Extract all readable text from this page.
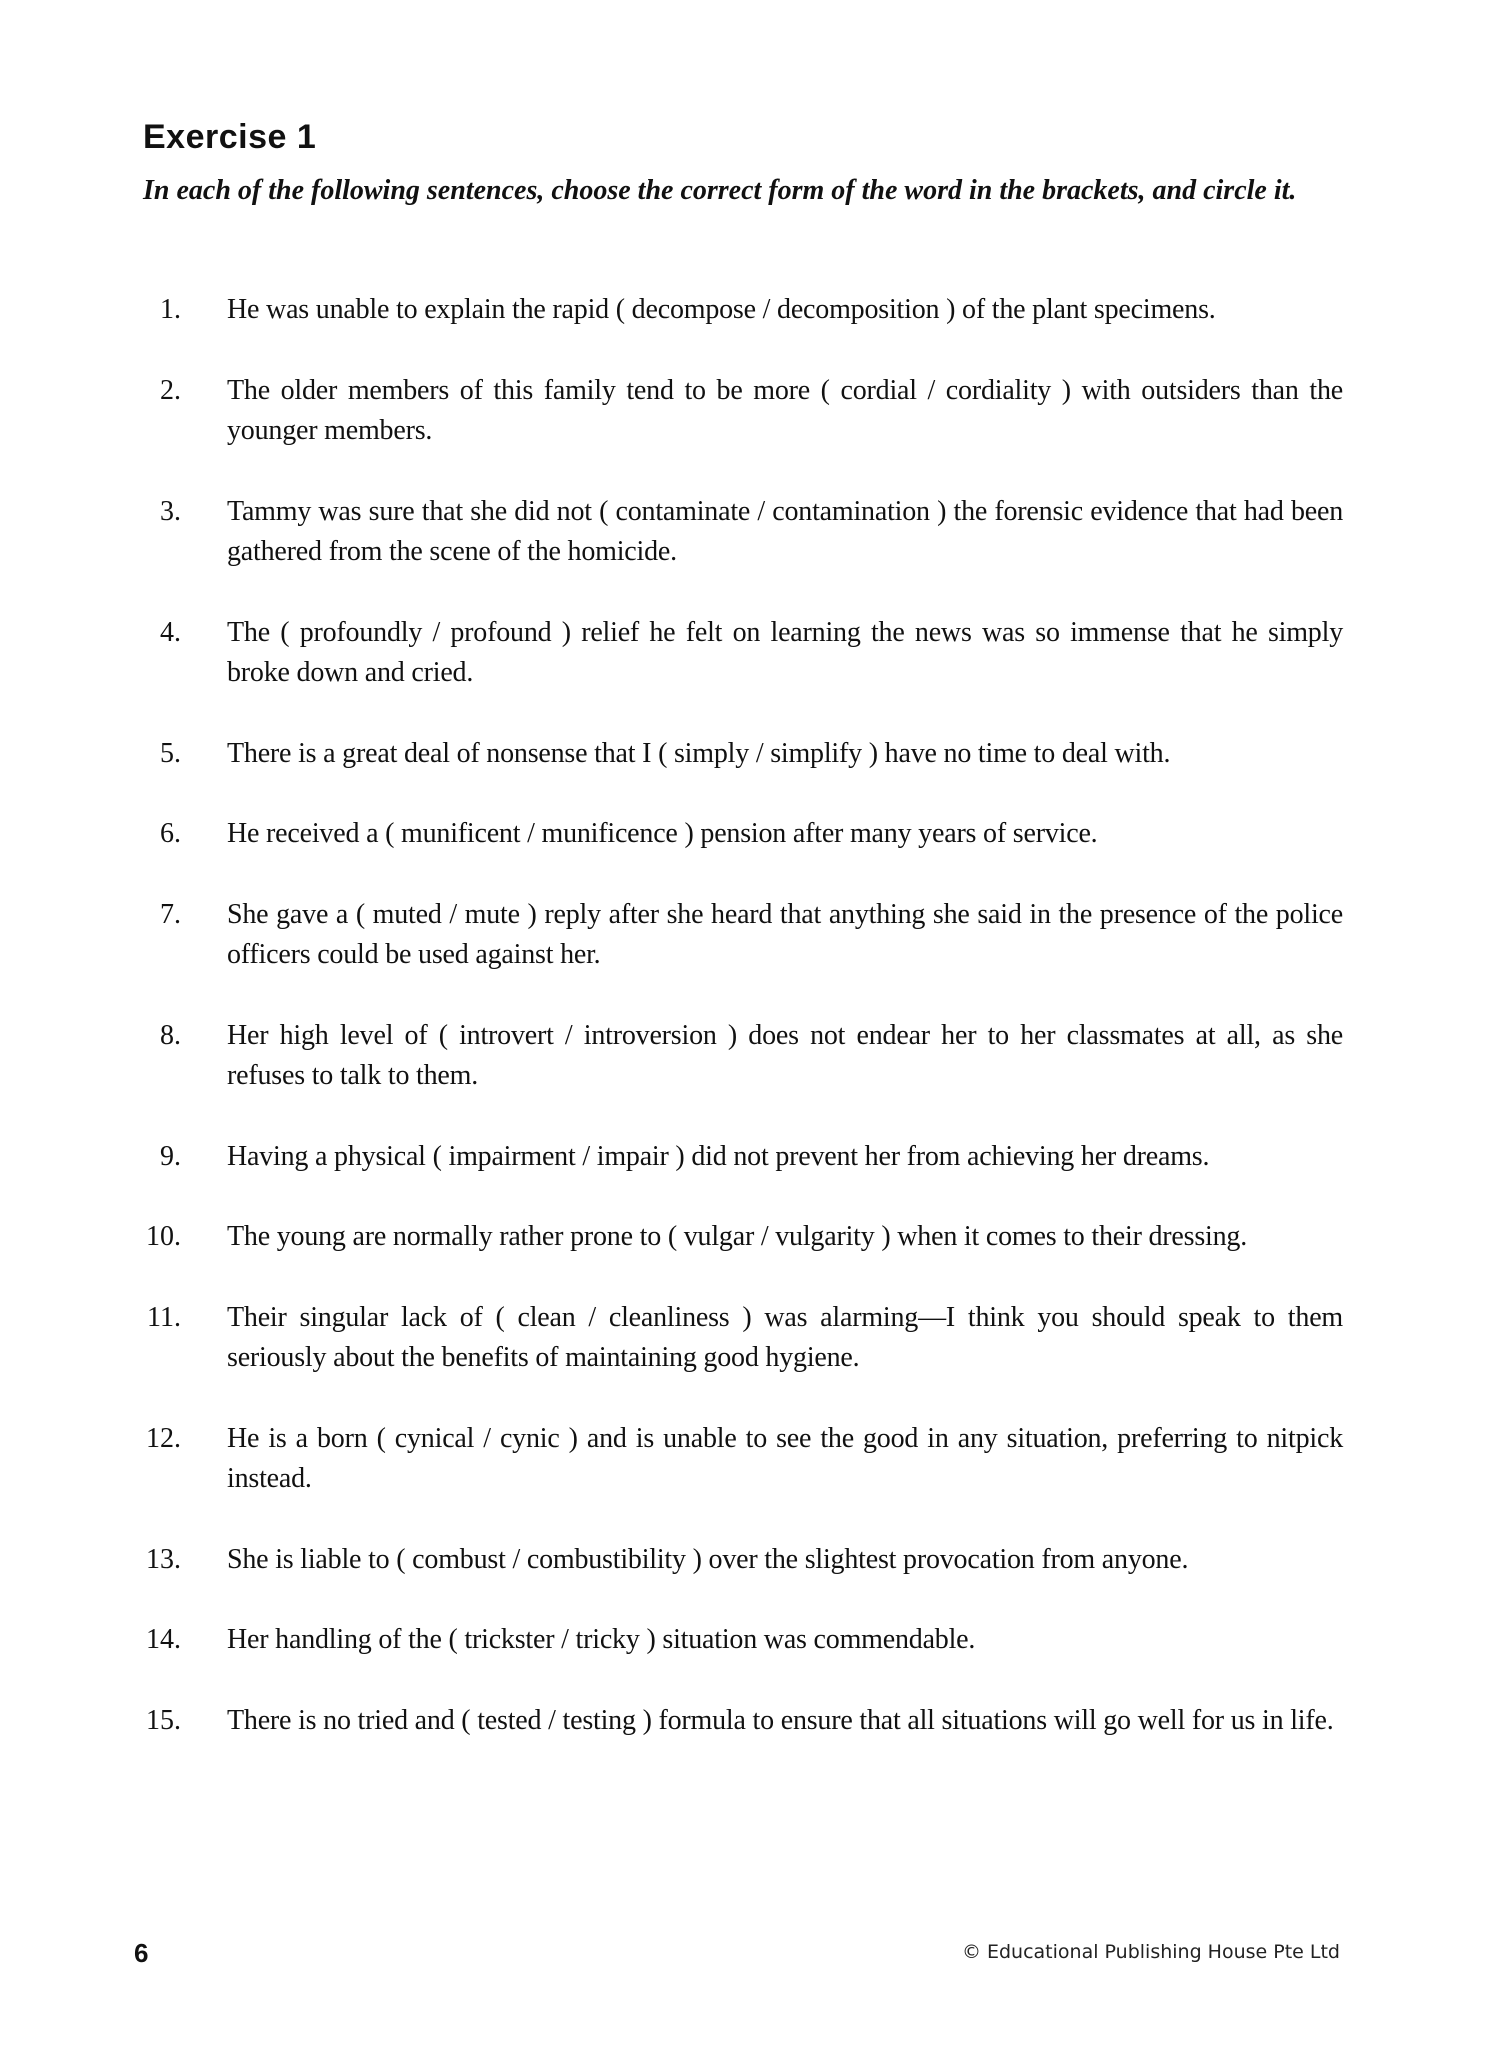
Exercise 1

In each of the following sentences, choose the correct form of the word in the brackets, and circle it.

1.	He was unable to explain the rapid ( decompose / decomposition ) of the plant specimens.
2.	The older members of this family tend to be more ( cordial / cordiality ) with outsiders than the younger members.
3.	Tammy was sure that she did not ( contaminate / contamination ) the forensic evidence that had been gathered from the scene of the homicide.
4.	The ( profoundly / profound ) relief he felt on learning the news was so immense that he simply broke down and cried.
5.	There is a great deal of nonsense that I ( simply / simplify ) have no time to deal with.
6.	He received a ( munificent / munificence ) pension after many years of service.
7.	She gave a ( muted / mute ) reply after she heard that anything she said in the presence of the police officers could be used against her.
8.	Her high level of ( introvert / introversion ) does not endear her to her classmates at all, as she refuses to talk to them.
9.	Having a physical ( impairment / impair ) did not prevent her from achieving her dreams.
10.	The young are normally rather prone to ( vulgar / vulgarity ) when it comes to their dressing.
11.	Their singular lack of ( clean / cleanliness ) was alarming—I think you should speak to them seriously about the benefits of maintaining good hygiene.
12.	He is a born ( cynical / cynic ) and is unable to see the good in any situation, preferring to nitpick instead.
13.	She is liable to ( combust / combustibility ) over the slightest provocation from anyone.
14.	Her handling of the ( trickster / tricky ) situation was commendable.
15.	There is no tried and ( tested / testing ) formula to ensure that all situations will go well for us in life.
6	© Educational Publishing House Pte Ltd
